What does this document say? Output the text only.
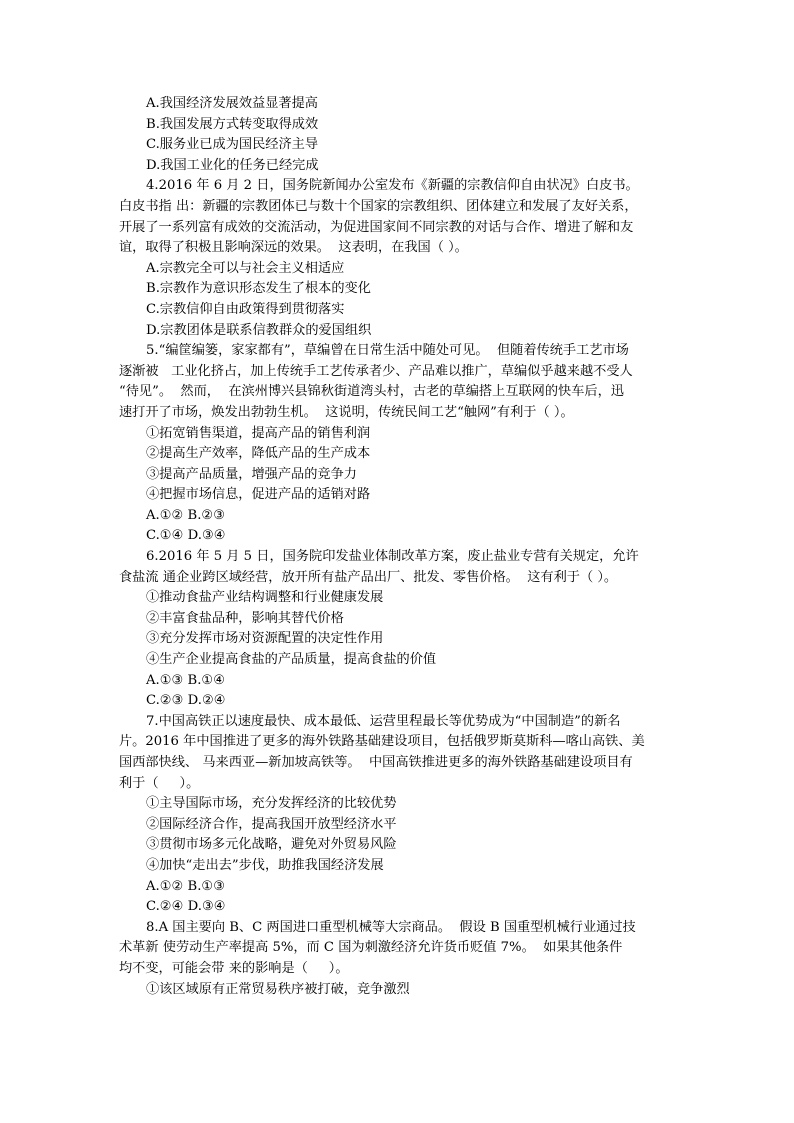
A.我国经济发展效益显著提高
B.我国发展方式转变取得成效
C.服务业已成为国民经济主导
D.我国工业化的任务已经完成
4.2016 年 6 月 2 日，国务院新闻办公室发布《新疆的宗教信仰自由状况》白皮书。
白皮书指 出：新疆的宗教团体已与数十个国家的宗教组织、团体建立和发展了友好关系，
开展了一系列富有成效的交流活动，为促进国家间不同宗教的对话与合作、增进了解和友
谊，取得了积极且影响深远的效果。  这表明，在我国（ ）。
A.宗教完全可以与社会主义相适应
B.宗教作为意识形态发生了根本的变化
C.宗教信仰自由政策得到贯彻落实
D.宗教团体是联系信教群众的爱国组织
5.“编筐编篓，家家都有”，草编曾在日常生活中随处可见。  但随着传统手工艺市场
逐渐被   工业化挤占，加上传统手工艺传承者少、产品难以推广，草编似乎越来越不受人
“待见”。  然而，  在滨州博兴县锦秋街道湾头村，古老的草编搭上互联网的快车后，迅
速打开了市场，焕发出勃勃生机。  这说明，传统民间工艺“触网”有利于（ ）。
①拓宽销售渠道，提高产品的销售利润
②提高生产效率，降低产品的生产成本
③提高产品质量，增强产品的竞争力
④把握市场信息，促进产品的适销对路
A.①② B.②③
C.①④ D.③④
6.2016 年 5 月 5 日，国务院印发盐业体制改革方案，废止盐业专营有关规定，允许
食盐流 通企业跨区域经营，放开所有盐产品出厂、批发、零售价格。  这有利于（ ）。
①推动食盐产业结构调整和行业健康发展
②丰富食盐品种，影响其替代价格
③充分发挥市场对资源配置的决定性作用
④生产企业提高食盐的产品质量，提高食盐的价值
A.①③ B.①④
C.②③ D.②④
7.中国高铁正以速度最快、成本最低、运营里程最长等优势成为“中国制造”的新名
片。2016 年中国推进了更多的海外铁路基础建设项目，包括俄罗斯莫斯科—喀山高铁、美
国西部快线、 马来西亚—新加坡高铁等。  中国高铁推进更多的海外铁路基础建设项目有
利于（     ）。
①主导国际市场，充分发挥经济的比较优势
②国际经济合作，提高我国开放型经济水平
③贯彻市场多元化战略，避免对外贸易风险
④加快“走出去”步伐，助推我国经济发展
A.①② B.①③
C.②④ D.③④
8.A 国主要向 B、C 两国进口重型机械等大宗商品。  假设 B 国重型机械行业通过技
术革新 使劳动生产率提高 5%，而 C 国为刺激经济允许货币贬值 7%。  如果其他条件
均不变，可能会带 来的影响是（     ）。
①该区域原有正常贸易秩序被打破，竞争激烈
